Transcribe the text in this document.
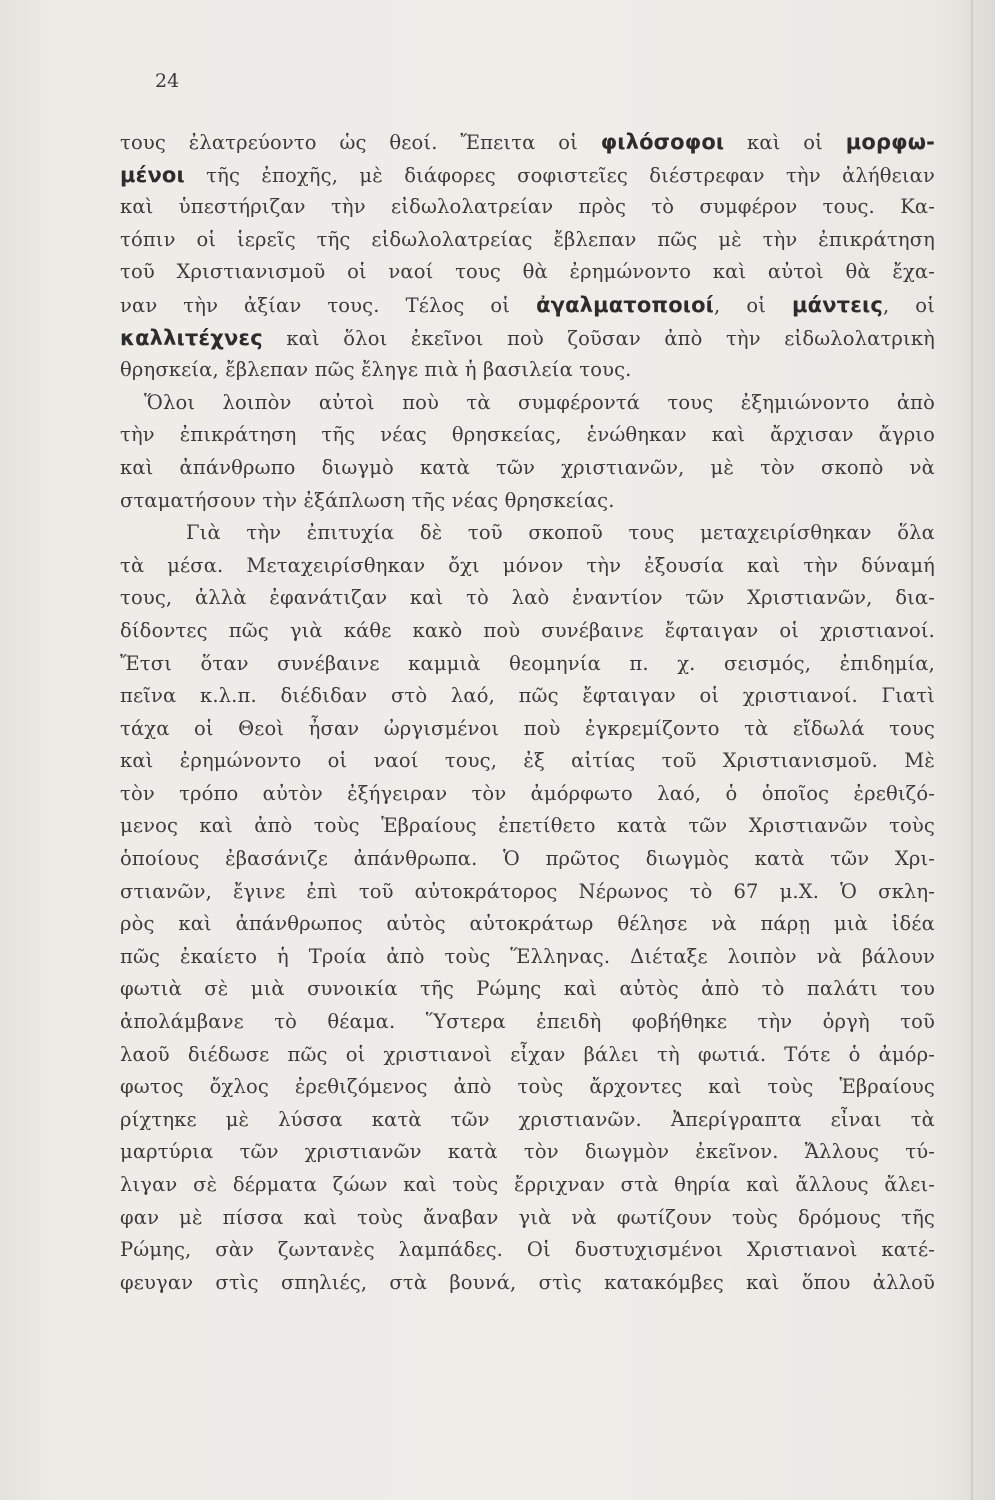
24
τους ἐλατρεύοντο ὡς θεοί. Ἔπειτα οἱ φιλόσοφοι καὶ οἱ μορφω-
μένοι τῆς ἐποχῆς, μὲ διάφορες σοφιστεῖες διέστρεφαν τὴν ἀλήθειαν
καὶ ὑπεστήριζαν τὴν εἰδωλολατρείαν πρὸς τὸ συμφέρον τους. Κα-
τόπιν οἱ ἱερεῖς τῆς εἰδωλολατρείας ἔβλεπαν πῶς μὲ τὴν ἐπικράτηση
τοῦ Χριστιανισμοῦ οἱ ναοί τους θὰ ἐρημώνοντο καὶ αὐτοὶ θὰ ἔχα-
ναν τὴν ἀξίαν τους. Τέλος οἱ ἀγαλματοποιοί, οἱ μάντεις, οἱ
καλλιτέχνες καὶ ὅλοι ἐκεῖνοι ποὺ ζοῦσαν ἀπὸ τὴν εἰδωλολατρικὴ
θρησκεία, ἔβλεπαν πῶς ἔληγε πιὰ ἡ βασιλεία τους.
Ὅλοι λοιπὸν αὐτοὶ ποὺ τὰ συμφέροντά τους ἐξημιώνοντο ἀπὸ
τὴν ἐπικράτηση τῆς νέας θρησκείας, ἑνώθηκαν καὶ ἄρχισαν ἄγριο
καὶ ἀπάνθρωπο διωγμὸ κατὰ τῶν χριστιανῶν, μὲ τὸν σκοπὸ νὰ
σταματήσουν τὴν ἐξάπλωση τῆς νέας θρησκείας.
Γιὰ τὴν ἐπιτυχία δὲ τοῦ σκοποῦ τους μεταχειρίσθηκαν ὅλα
τὰ μέσα. Μεταχειρίσθηκαν ὄχι μόνον τὴν ἐξουσία καὶ τὴν δύναμή
τους, ἀλλὰ ἐφανάτιζαν καὶ τὸ λαὸ ἐναντίον τῶν Χριστιανῶν, δια-
δίδοντες πῶς γιὰ κάθε κακὸ ποὺ συνέβαινε ἔφταιγαν οἱ χριστιανοί.
Ἔτσι ὅταν συνέβαινε καμμιὰ θεομηνία π. χ. σεισμός, ἐπιδημία,
πεῖνα κ.λ.π. διέδιδαν στὸ λαό, πῶς ἔφταιγαν οἱ χριστιανοί. Γιατὶ
τάχα οἱ Θεοὶ ἦσαν ὠργισμένοι ποὺ ἐγκρεμίζοντο τὰ εἴδωλά τους
καὶ ἐρημώνοντο οἱ ναοί τους, ἐξ αἰτίας τοῦ Χριστιανισμοῦ. Μὲ
τὸν τρόπο αὐτὸν ἐξήγειραν τὸν ἀμόρφωτο λαό, ὁ ὁποῖος ἐρεθιζό-
μενος καὶ ἀπὸ τοὺς Ἑβραίους ἐπετίθετο κατὰ τῶν Χριστιανῶν τοὺς
ὁποίους ἐβασάνιζε ἀπάνθρωπα. Ὁ πρῶτος διωγμὸς κατὰ τῶν Χρι-
στιανῶν, ἔγινε ἐπὶ τοῦ αὐτοκράτορος Νέρωνος τὸ 67 μ.Χ. Ὁ σκλη-
ρὸς καὶ ἀπάνθρωπος αὐτὸς αὐτοκράτωρ θέλησε νὰ πάρῃ μιὰ ἰδέα
πῶς ἐκαίετο ἡ Τροία ἀπὸ τοὺς Ἕλληνας. Διέταξε λοιπὸν νὰ βάλουν
φωτιὰ σὲ μιὰ συνοικία τῆς Ρώμης καὶ αὐτὸς ἀπὸ τὸ παλάτι του
ἀπολάμβανε τὸ θέαμα. Ὕστερα ἐπειδὴ φοβήθηκε τὴν ὀργὴ τοῦ
λαοῦ διέδωσε πῶς οἱ χριστιανοὶ εἶχαν βάλει τὴ φωτιά. Τότε ὁ ἀμόρ-
φωτος ὄχλος ἐρεθιζόμενος ἀπὸ τοὺς ἄρχοντες καὶ τοὺς Ἑβραίους
ρίχτηκε μὲ λύσσα κατὰ τῶν χριστιανῶν. Ἀπερίγραπτα εἶναι τὰ
μαρτύρια τῶν χριστιανῶν κατὰ τὸν διωγμὸν ἐκεῖνον. Ἄλλους τύ-
λιγαν σὲ δέρματα ζώων καὶ τοὺς ἔρριχναν στὰ θηρία καὶ ἄλλους ἄλει-
φαν μὲ πίσσα καὶ τοὺς ἄναβαν γιὰ νὰ φωτίζουν τοὺς δρόμους τῆς
Ρώμης, σὰν ζωντανὲς λαμπάδες. Οἱ δυστυχισμένοι Χριστιανοὶ κατέ-
φευγαν στὶς σπηλιές, στὰ βουνά, στὶς κατακόμβες καὶ ὅπου ἀλλοῦ
